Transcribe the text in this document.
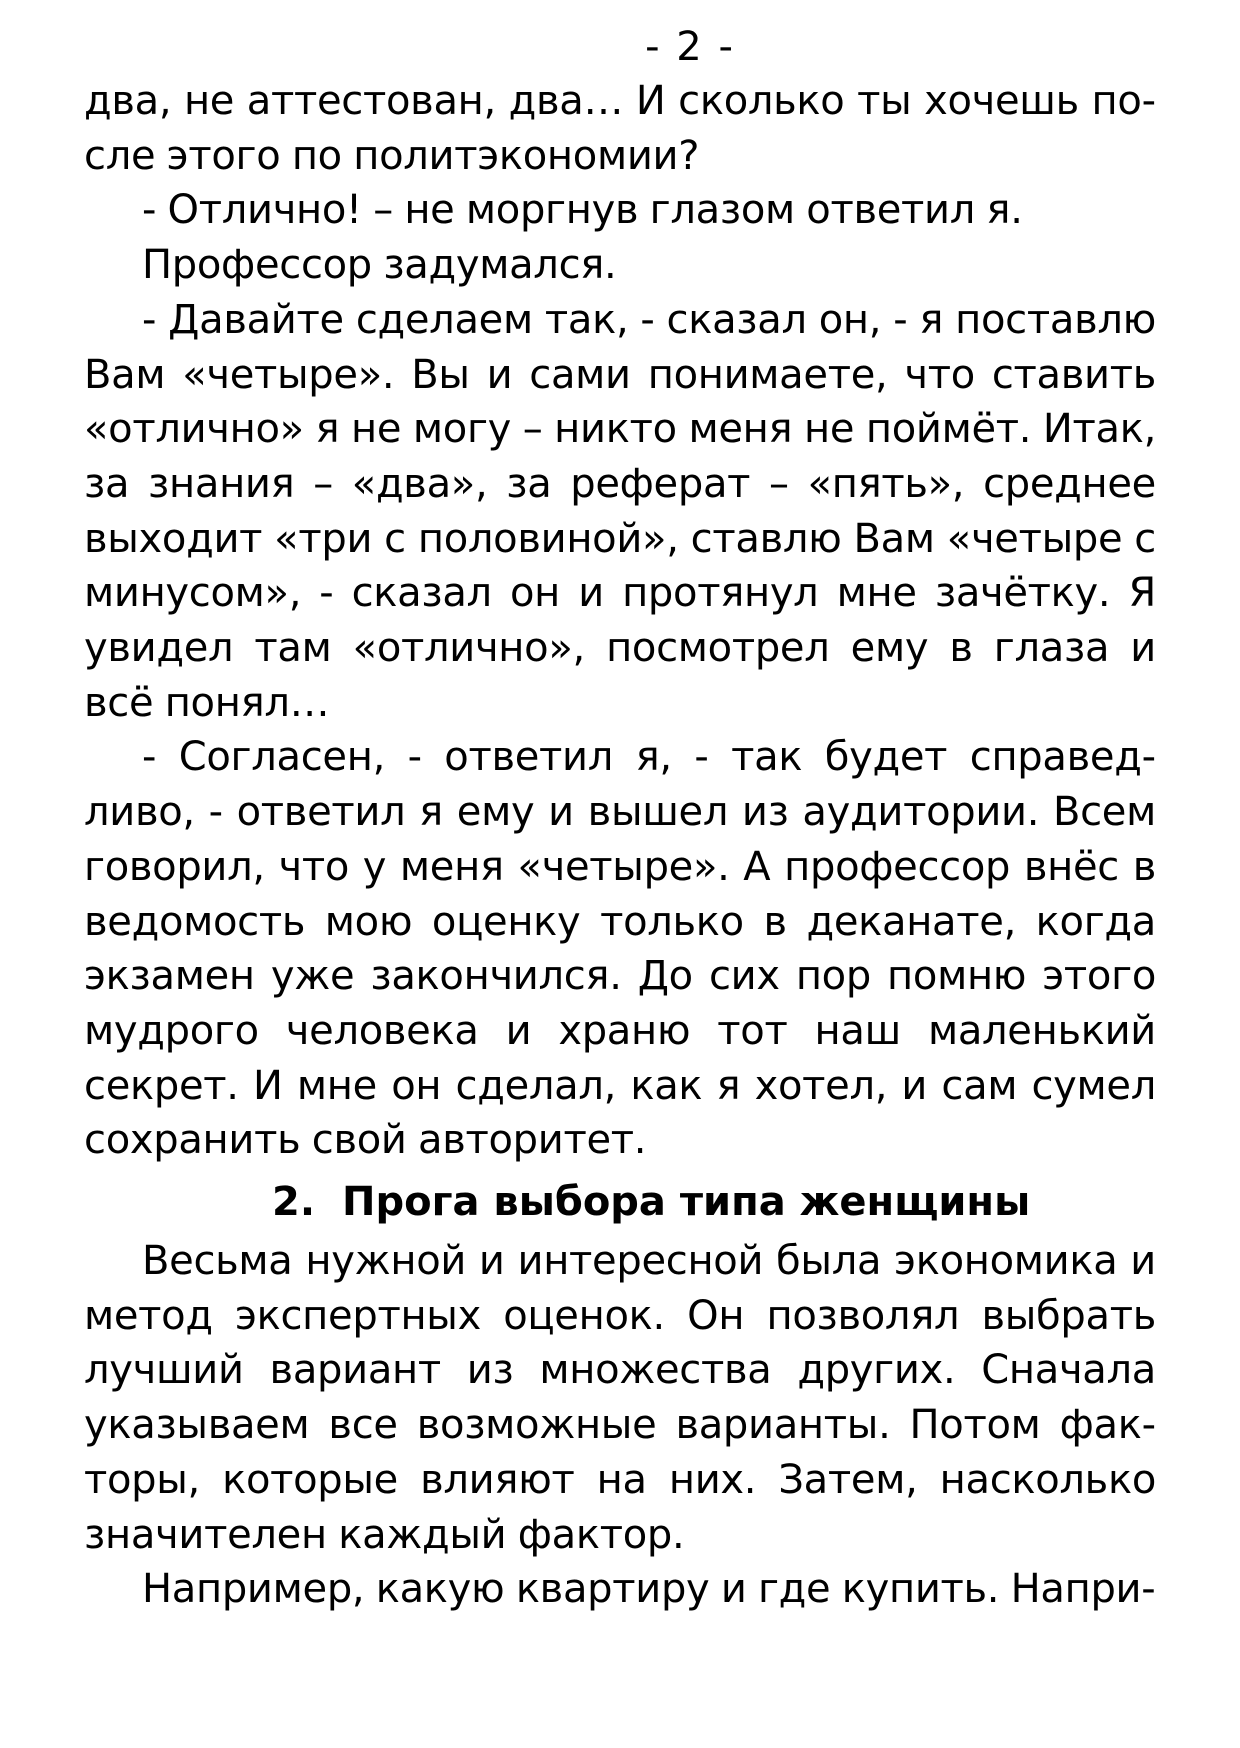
- 2 -

два, не аттестован, два… И сколько ты хочешь после этого по политэкономии?

- Отлично! – не моргнув глазом ответил я.

Профессор задумался.

- Давайте сделаем так, - сказал он, - я поставлю Вам «четыре». Вы и сами понимаете, что ставить «отлично» я не могу – никто меня не поймёт. Итак, за знания – «два», за реферат – «пять», среднее выходит «три с половиной», ставлю Вам «четыре с минусом», - сказал он и протянул мне зачётку. Я увидел там «отлично», посмотрел ему в глаза и всё понял…

- Согласен, - ответил я, - так будет справедливо, - ответил я ему и вышел из аудитории. Всем говорил, что у меня «четыре». А профессор внёс в ведомость мою оценку только в деканате, когда экзамен уже закончился. До сих пор помню этого мудрого человека и храню тот наш маленький секрет. И мне он сделал, как я хотел, и сам сумел сохранить свой авторитет.

2. Прога выбора типа женщины

Весьма нужной и интересной была экономика и метод экспертных оценок. Он позволял выбрать лучший вариант из множества других. Сначала указываем все возможные варианты. Потом факторы, которые влияют на них. Затем, насколько значителен каждый фактор.

Например, какую квартиру и где купить. Напри-
